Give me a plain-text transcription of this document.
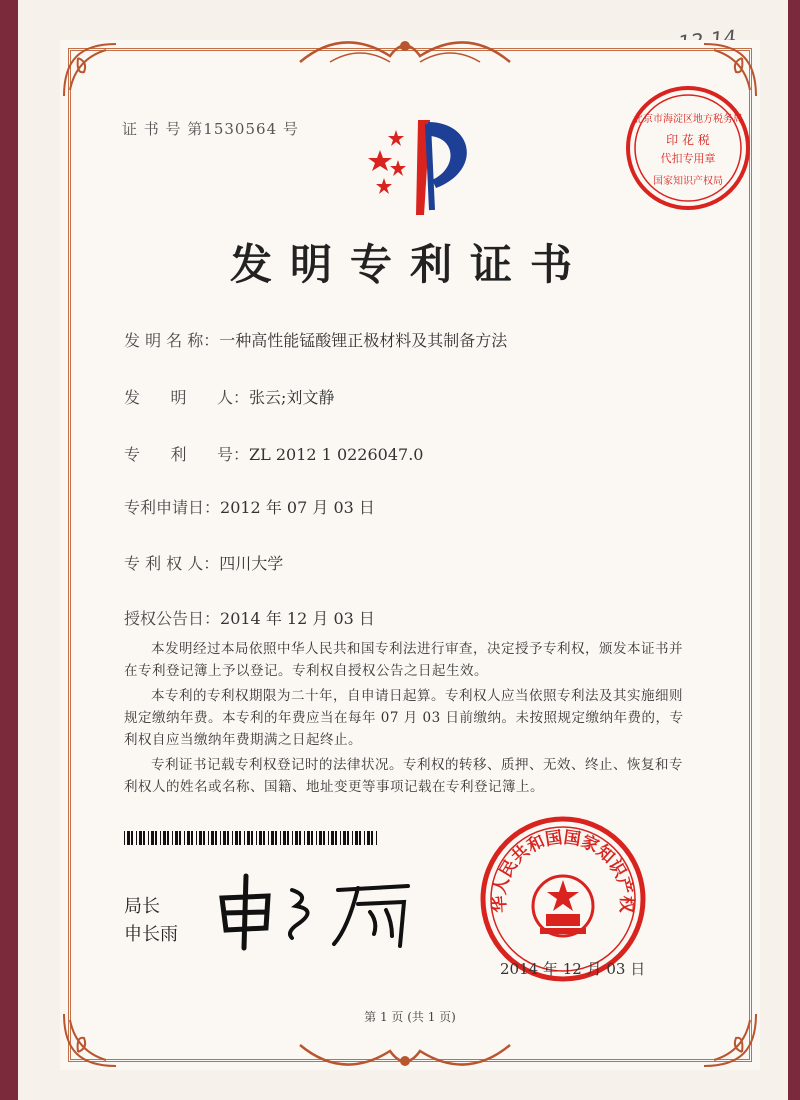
证 书 号 第1530564 号
北京市海淀区地方税务局
印 花 税
代扣专用章
国家知识产权局
发明专利证书
发 明 名 称：一种高性能锰酸锂正极材料及其制备方法
发      明      人：张云;刘文静
专      利      号：ZL 2012 1 0226047.0
专利申请日：2012 年 07 月 03 日
专 利 权 人：四川大学
授权公告日：2014 年 12 月 03 日

本发明经过本局依照中华人民共和国专利法进行审查，决定授予专利权，颁发本证书并在专利登记簿上予以登记。专利权自授权公告之日起生效。

本专利的专利权期限为二十年，自申请日起算。专利权人应当依照专利法及其实施细则规定缴纳年费。本专利的年费应当在每年 07 月 03 日前缴纳。未按照规定缴纳年费的，专利权自应当缴纳年费期满之日起终止。

专利证书记载专利权登记时的法律状况。专利权的转移、质押、无效、终止、恢复和专利权人的姓名或名称、国籍、地址变更等事项记载在专利登记簿上。

局长
申长雨
华人民共和国国家知识产权
2014 年 12 月 03 日
第 1 页 (共 1 页)
